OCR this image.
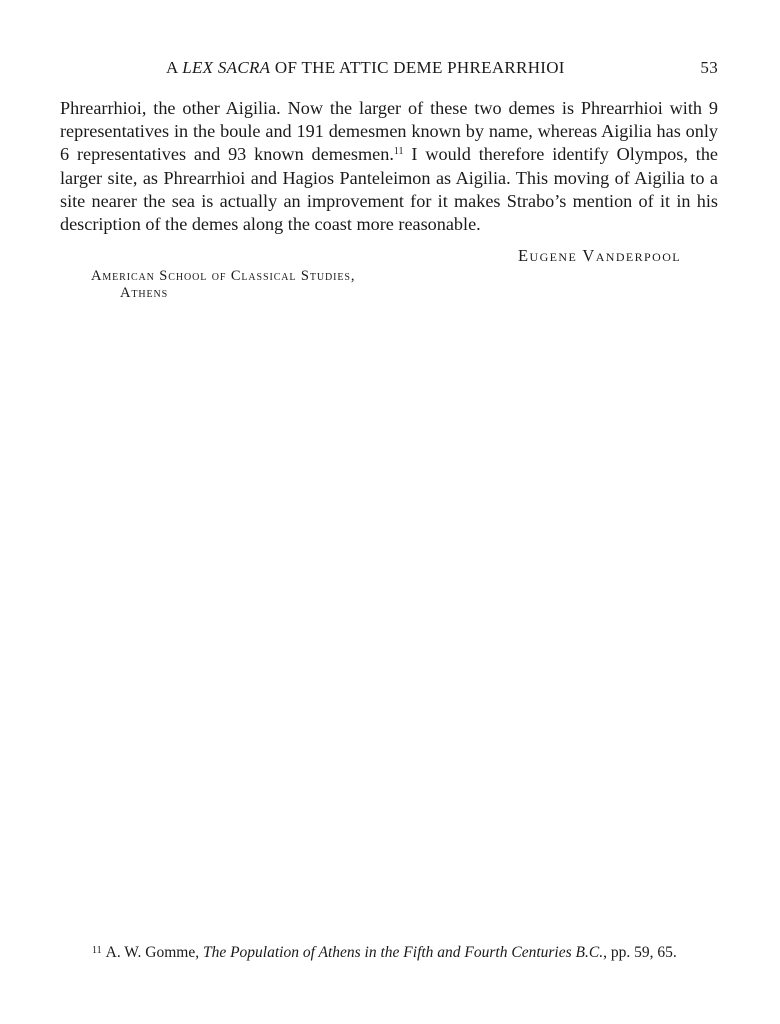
A LEX SACRA OF THE ATTIC DEME PHREARRHIOI	53

Phrearrhioi, the other Aigilia. Now the larger of these two demes is Phrearrhioi with 9 representatives in the boule and 191 demesmen known by name, whereas Aigilia has only 6 representatives and 93 known demesmen.$^{11}$ I would therefore identify Olympos, the larger site, as Phrearrhioi and Hagios Panteleimon as Aigilia. This moving of Aigilia to a site nearer the sea is actually an improvement for it makes Strabo’s mention of it in his description of the demes along the coast more reasonable.

Eugene Vanderpool
American School of Classical Studies,
Athens
$^{11}$ A. W. Gomme, The Population of Athens in the Fifth and Fourth Centuries B.C., pp. 59, 65.
